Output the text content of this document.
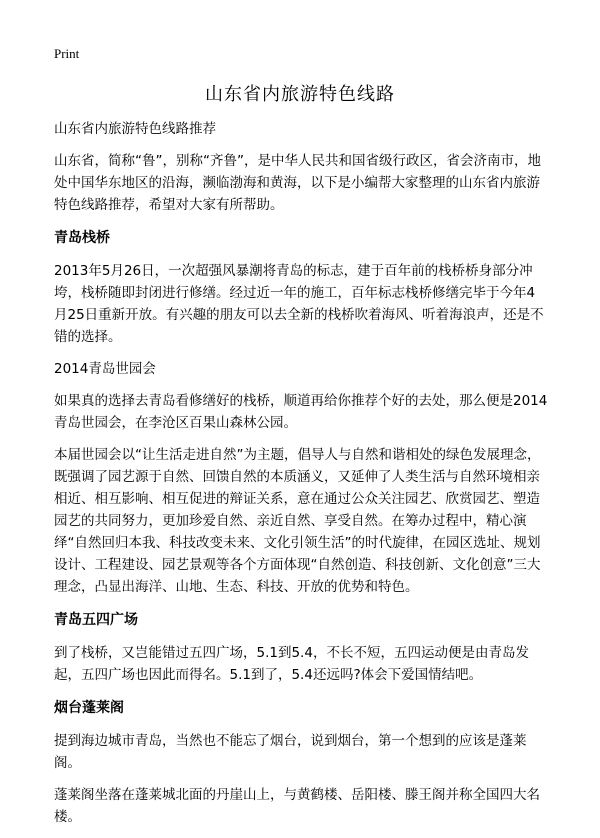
Print
山东省内旅游特色线路

山东省内旅游特色线路推荐

山东省，简称“鲁”，别称“齐鲁”，是中华人民共和国省级行政区，省会济南市，地处中国华东地区的沿海，濒临渤海和黄海，以下是小编帮大家整理的山东省内旅游特色线路推荐，希望对大家有所帮助。

青岛栈桥

2013年5月26日，一次超强风暴潮将青岛的标志，建于百年前的栈桥桥身部分冲垮，栈桥随即封闭进行修缮。经过近一年的施工，百年标志栈桥修缮完毕于今年4月25日重新开放。有兴趣的朋友可以去全新的栈桥吹着海风、听着海浪声，还是不错的选择。

2014青岛世园会

如果真的选择去青岛看修缮好的栈桥，顺道再给你推荐个好的去处，那么便是2014青岛世园会，在李沧区百果山森林公园。

本届世园会以“让生活走进自然”为主题，倡导人与自然和谐相处的绿色发展理念，既强调了园艺源于自然、回馈自然的本质涵义，又延伸了人类生活与自然环境相亲相近、相互影响、相互促进的辩证关系，意在通过公众关注园艺、欣赏园艺、塑造园艺的共同努力，更加珍爱自然、亲近自然、享受自然。在筹办过程中，精心演绎“自然回归本我、科技改变未来、文化引领生活”的时代旋律，在园区选址、规划设计、工程建设、园艺景观等各个方面体现“自然创造、科技创新、文化创意”三大理念，凸显出海洋、山地、生态、科技、开放的优势和特色。

青岛五四广场

到了栈桥，又岂能错过五四广场，5.1到5.4，不长不短，五四运动便是由青岛发起，五四广场也因此而得名。5.1到了，5.4还远吗?体会下爱国情结吧。

烟台蓬莱阁

提到海边城市青岛，当然也不能忘了烟台，说到烟台，第一个想到的应该是蓬莱阁。

蓬莱阁坐落在蓬莱城北面的丹崖山上，与黄鹤楼、岳阳楼、滕王阁并称全国四大名楼。
